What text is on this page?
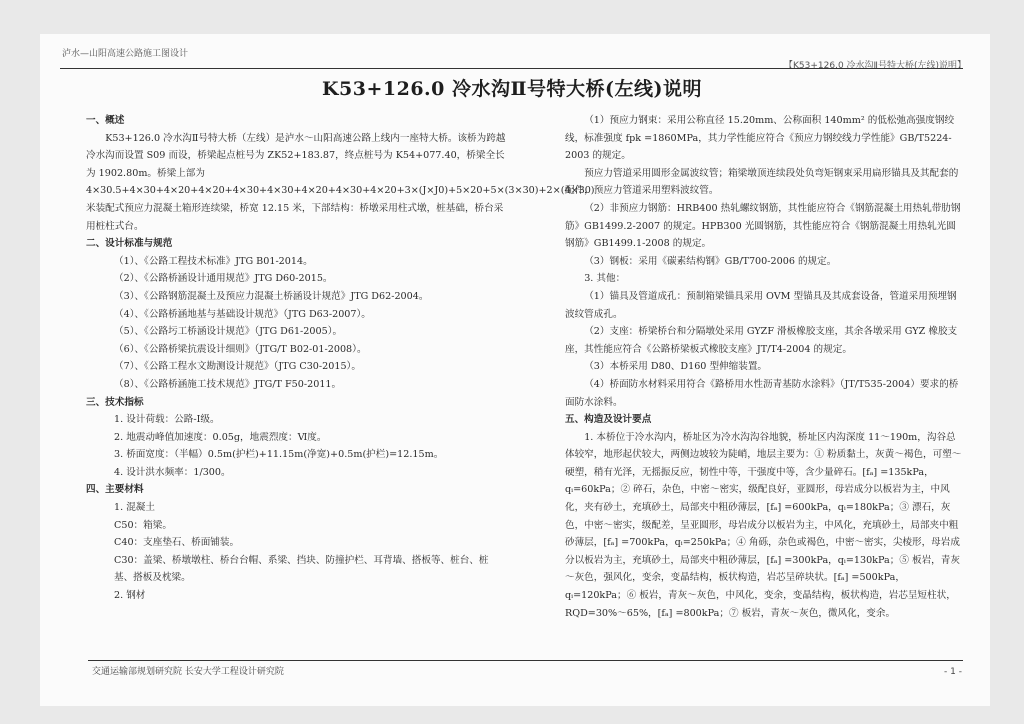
泸水—山阳高速公路施工图设计
【K53+126.0 冷水沟Ⅱ号特大桥(左线)说明】
K53+126.0 冷水沟Ⅱ号特大桥(左线)说明

一、概述

K53+126.0 冷水沟Ⅱ号特大桥（左线）是泸水～山阳高速公路上线内一座特大桥。该桥为跨越冷水沟而设置 S09 而设，桥梁起点桩号为 ZK52+183.87，终点桩号为 K54+077.40，桥梁全长为 1902.80m。桥梁上部为 4×30.5+4×30+4×20+4×20+4×30+4×30+4×20+4×30+4×20+3×(J×J0)+5×20+5×(3×30)+2×(4×30) 米装配式预应力混凝土箱形连续梁，桥宽 12.15 米，下部结构：桥墩采用柱式墩，桩基础，桥台采用桩柱式台。

二、设计标准与规范

（1）、《公路工程技术标准》JTG B01-2014。

（2）、《公路桥涵设计通用规范》JTG D60-2015。

（3）、《公路钢筋混凝土及预应力混凝土桥涵设计规范》JTG D62-2004。

（4）、《公路桥涵地基与基础设计规范》（JTG D63-2007）。

（5）、《公路圬工桥涵设计规范》（JTG D61-2005）。

（6）、《公路桥梁抗震设计细则》（JTG/T B02-01-2008）。

（7）、《公路工程水文勘测设计规范》（JTG C30-2015）。

（8）、《公路桥涵施工技术规范》JTG/T F50-2011。

三、技术指标

1. 设计荷载：公路-Ⅰ级。

2. 地震动峰值加速度：0.05g，地震烈度：Ⅵ度。

3. 桥面宽度：（半幅）0.5m(护栏)+11.15m(净宽)+0.5m(护栏)=12.15m。

4. 设计洪水频率：1/300。

四、主要材料

1. 混凝土

C50：箱梁。

C40：支座垫石、桥面铺装。

C30：盖梁、桥墩墩柱、桥台台帽、系梁、挡块、防撞护栏、耳背墙、搭板等、桩台、桩基、搭板及枕梁。

2. 钢材

（1）预应力钢束：采用公称直径 15.20mm、公称面积 140mm² 的低松弛高强度钢绞线，标准强度 fpk =1860MPa，其力学性能应符合《预应力钢绞线力学性能》GB/T5224-2003 的规定。

预应力管道采用圆形金属波纹管；箱梁墩顶连续段处负弯矩钢束采用扁形锚具及其配套的配件，预应力管道采用塑料波纹管。

（2）非预应力钢筋：HRB400 热轧螺纹钢筋，其性能应符合《钢筋混凝土用热轧带肋钢筋》GB1499.2-2007 的规定。HPB300 光圆钢筋，其性能应符合《钢筋混凝土用热轧光圆钢筋》GB1499.1-2008 的规定。

（3）钢板：采用《碳素结构钢》GB/T700-2006 的规定。

3. 其他：

（1）锚具及管道成孔：预制箱梁锚具采用 OVM 型锚具及其成套设备，管道采用预埋钢波纹管成孔。

（2）支座：桥梁桥台和分隔墩处采用 GYZF 滑板橡胶支座，其余各墩采用 GYZ 橡胶支座，其性能应符合《公路桥梁板式橡胶支座》JT/T4-2004 的规定。

（3）本桥采用 D80、D160 型伸缩装置。

（4）桥面防水材料采用符合《路桥用水性沥青基防水涂料》（JT/T535-2004）要求的桥面防水涂料。

五、构造及设计要点

1. 本桥位于冷水沟内，桥址区为冷水沟沟谷地貌，桥址区内沟深度 11～190m，沟谷总体较窄，地形起伏较大，两侧边坡较为陡峭，地层主要为：① 粉质黏土，灰黄～褐色，可塑～硬塑，稍有光泽，无摇振反应，韧性中等，干强度中等，含少量碎石。[fₐ] =135kPa，qᵢ=60kPa；② 碎石，杂色，中密～密实，级配良好，亚圆形，母岩成分以板岩为主，中风化，夹有砂土，充填砂土，局部夹中粗砂薄层，[fₐ] =600kPa，qᵢ=180kPa；③ 漂石，灰色，中密～密实，级配差，呈亚圆形，母岩成分以板岩为主，中风化，充填砂土，局部夹中粗砂薄层，[fₐ] =700kPa，qᵢ=250kPa；④ 角砾，杂色或褐色，中密～密实，尖棱形，母岩成分以板岩为主，充填砂土，局部夹中粗砂薄层，[fₐ] =300kPa，qᵢ=130kPa；⑤ 板岩，青灰～灰色，强风化，变余，变晶结构，板状构造，岩芯呈碎块状。[fₐ] =500kPa，qᵢ=120kPa；⑥ 板岩，青灰～灰色，中风化，变余，变晶结构，板状构造，岩芯呈短柱状，RQD=30%～65%，[fₐ] =800kPa；⑦ 板岩，青灰～灰色，微风化，变余。

交通运输部规划研究院 长安大学工程设计研究院	- 1 -
